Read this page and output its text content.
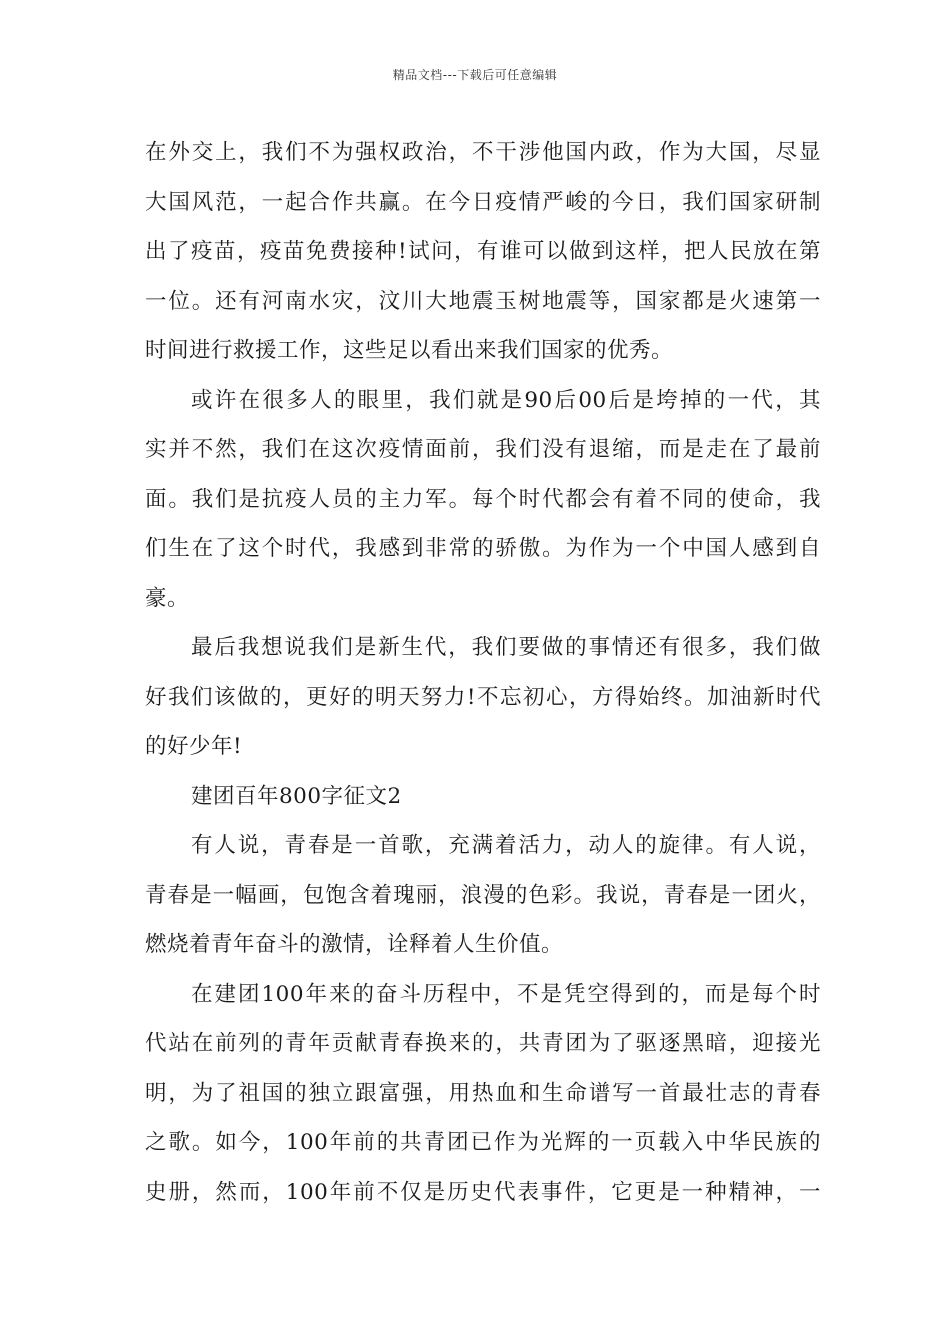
精品文档---下载后可任意编辑
在外交上，我们不为强权政治，不干涉他国内政，作为大国，尽显
大国风范，一起合作共赢。在今日疫情严峻的今日，我们国家研制
出了疫苗，疫苗免费接种!试问，有谁可以做到这样，把人民放在第
一位。还有河南水灾，汶川大地震玉树地震等，国家都是火速第一
时间进行救援工作，这些足以看出来我们国家的优秀。
或许在很多人的眼里，我们就是90后00后是垮掉的一代，其
实并不然，我们在这次疫情面前，我们没有退缩，而是走在了最前
面。我们是抗疫人员的主力军。每个时代都会有着不同的使命，我
们生在了这个时代，我感到非常的骄傲。为作为一个中国人感到自
豪。
最后我想说我们是新生代，我们要做的事情还有很多，我们做
好我们该做的，更好的明天努力!不忘初心，方得始终。加油新时代
的好少年!
建团百年800字征文2
有人说，青春是一首歌，充满着活力，动人的旋律。有人说，
青春是一幅画，包饱含着瑰丽，浪漫的色彩。我说，青春是一团火，
燃烧着青年奋斗的激情，诠释着人生价值。
在建团100年来的奋斗历程中，不是凭空得到的，而是每个时
代站在前列的青年贡献青春换来的，共青团为了驱逐黑暗，迎接光
明，为了祖国的独立跟富强，用热血和生命谱写一首最壮志的青春
之歌。如今，100年前的共青团已作为光辉的一页载入中华民族的
史册，然而，100年前不仅是历史代表事件，它更是一种精神，一
